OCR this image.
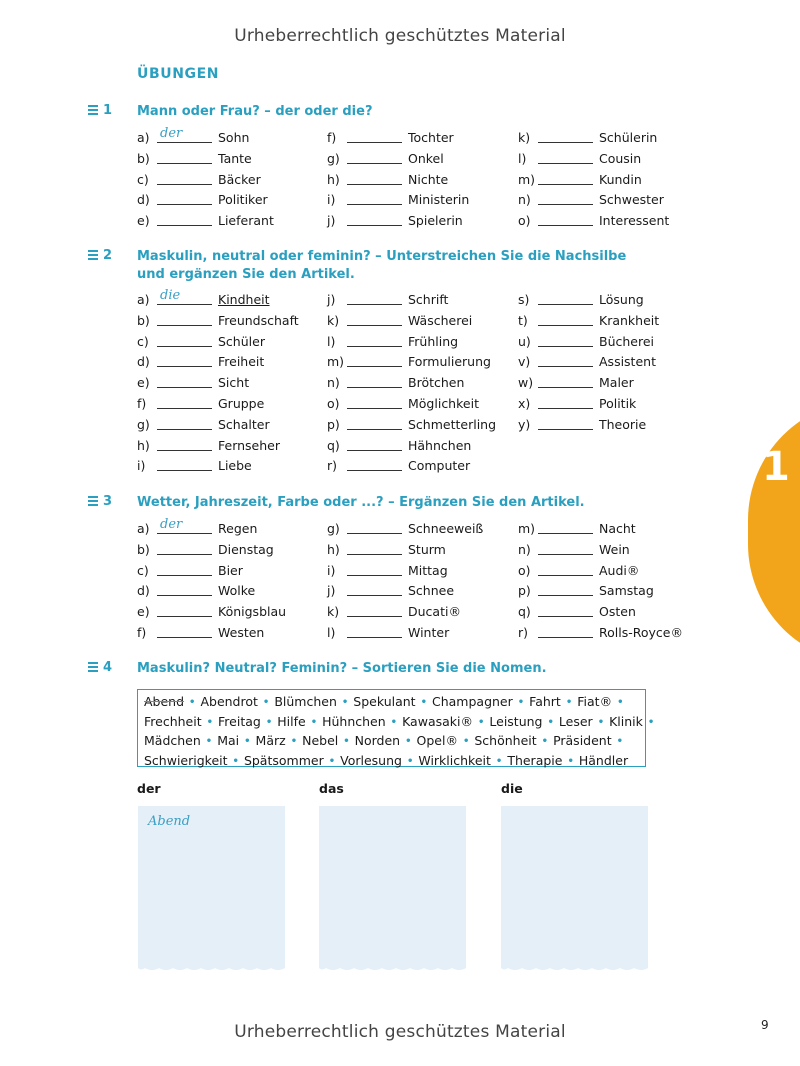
Urheberrechtlich geschütztes Material
Urheberrechtlich geschütztes Material
ÜBUNGEN
1
1 Mann oder Frau? – der oder die?
a) der	Sohn
b)	Tante
c)	Bäcker
d)	Politiker
e)	Lieferant
f)	Tochter
g)	Onkel
h)	Nichte
i)	Ministerin
j)	Spielerin
k)	Schülerin
l)	Cousin
m)	Kundin
n)	Schwester
o)	Interessent
2 Maskulin, neutral oder feminin? – Unterstreichen Sie die Nachsilbe
und ergänzen Sie den Artikel.
a) die	Kindheit
b)	Freundschaft
c)	Schüler
d)	Freiheit
e)	Sicht
f)	Gruppe
g)	Schalter
h)	Fernseher
i)	Liebe
j)	Schrift
k)	Wäscherei
l)	Frühling
m)	Formulierung
n)	Brötchen
o)	Möglichkeit
p)	Schmetterling
q)	Hähnchen
r)	Computer
s)	Lösung
t)	Krankheit
u)	Bücherei
v)	Assistent
w)	Maler
x)	Politik
y)	Theorie
3 Wetter, Jahreszeit, Farbe oder ...? – Ergänzen Sie den Artikel.
a) der	Regen
b)	Dienstag
c)	Bier
d)	Wolke
e)	Königsblau
f)	Westen
g)	Schneeweiß
h)	Sturm
i)	Mittag
j)	Schnee
k)	Ducati®
l)	Winter
m)	Nacht
n)	Wein
o)	Audi®
p)	Samstag
q)	Osten
r)	Rolls-Royce®
4 Maskulin? Neutral? Feminin? – Sortieren Sie die Nomen.
Abend • Abendrot • Blümchen • Spekulant • Champagner • Fahrt • Fiat® •
Frechheit • Freitag • Hilfe • Hühnchen • Kawasaki® • Leistung • Leser • Klinik •
Mädchen • Mai • März • Nebel • Norden • Opel® • Schönheit • Präsident •
Schwierigkeit • Spätsommer • Vorlesung • Wirklichkeit • Therapie • Händler
der	das	die
Abend
9
